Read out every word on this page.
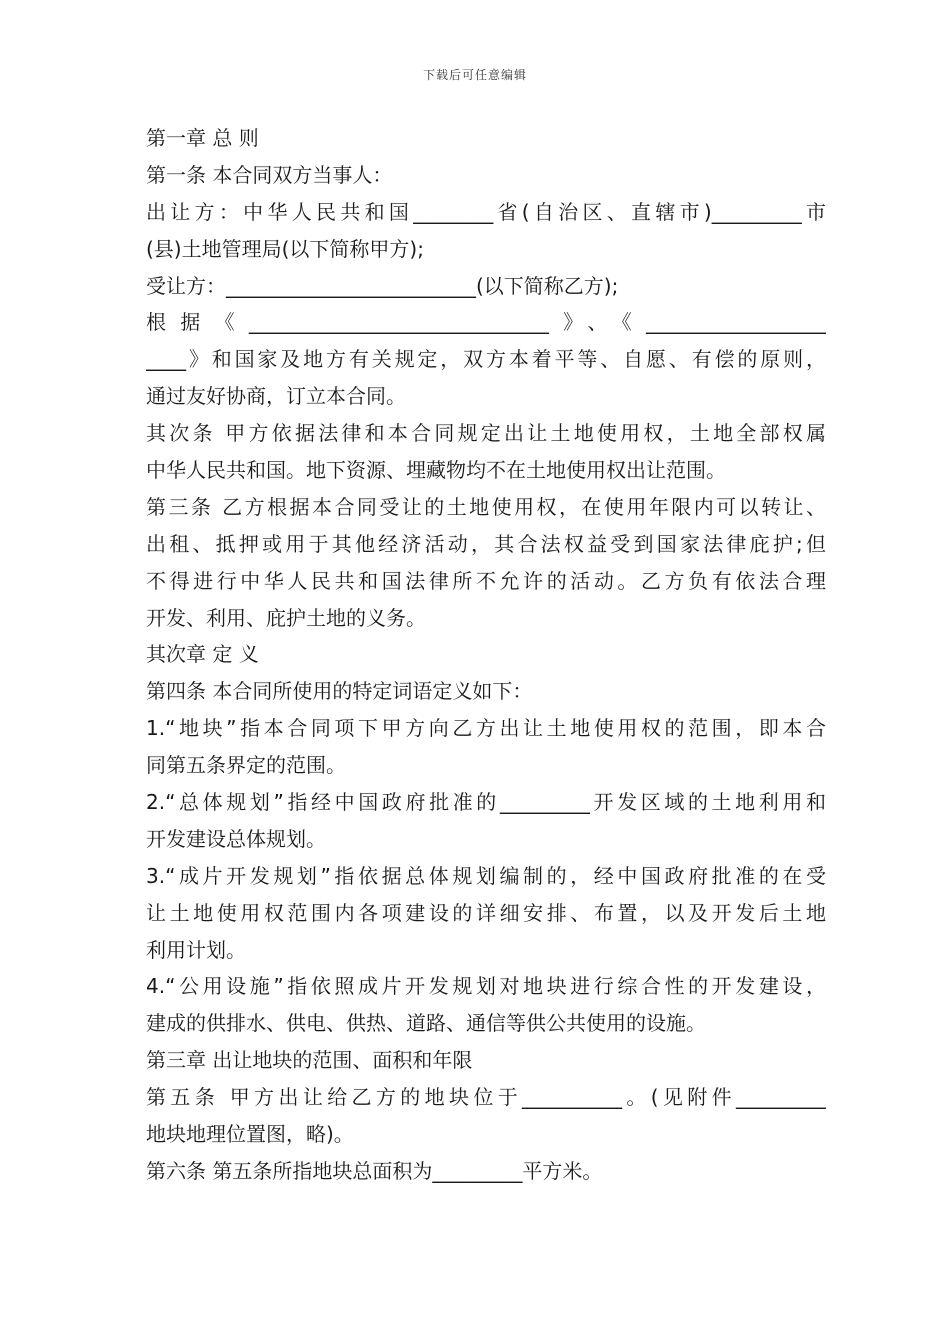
下载后可任意编辑
第一章 总 则
第一条 本合同双方当事人：
出让方：中华人民共和国________省(自治区、直辖市)_________市
(县)土地管理局(以下简称甲方);
受让方：_________________________(以下简称乙方);
根据《______________________________》、《__________________
____》和国家及地方有关规定，双方本着平等、自愿、有偿的原则，
通过友好协商，订立本合同。
其次条 甲方依据法律和本合同规定出让土地使用权，土地全部权属
中华人民共和国。地下资源、埋藏物均不在土地使用权出让范围。
第三条 乙方根据本合同受让的土地使用权，在使用年限内可以转让、
出租、抵押或用于其他经济活动，其合法权益受到国家法律庇护;但
不得进行中华人民共和国法律所不允许的活动。乙方负有依法合理
开发、利用、庇护土地的义务。
其次章 定 义
第四条 本合同所使用的特定词语定义如下：
1.“地块”指本合同项下甲方向乙方出让土地使用权的范围，即本合
同第五条界定的范围。
2.“总体规划”指经中国政府批准的_________开发区域的土地利用和
开发建设总体规划。
3.“成片开发规划”指依据总体规划编制的，经中国政府批准的在受
让土地使用权范围内各项建设的详细安排、布置，以及开发后土地
利用计划。
4.“公用设施”指依照成片开发规划对地块进行综合性的开发建设，
建成的供排水、供电、供热、道路、通信等供公共使用的设施。
第三章 出让地块的范围、面积和年限
第五条 甲方出让给乙方的地块位于__________。(见附件_________
地块地理位置图，略)。
第六条 第五条所指地块总面积为_________平方米。
